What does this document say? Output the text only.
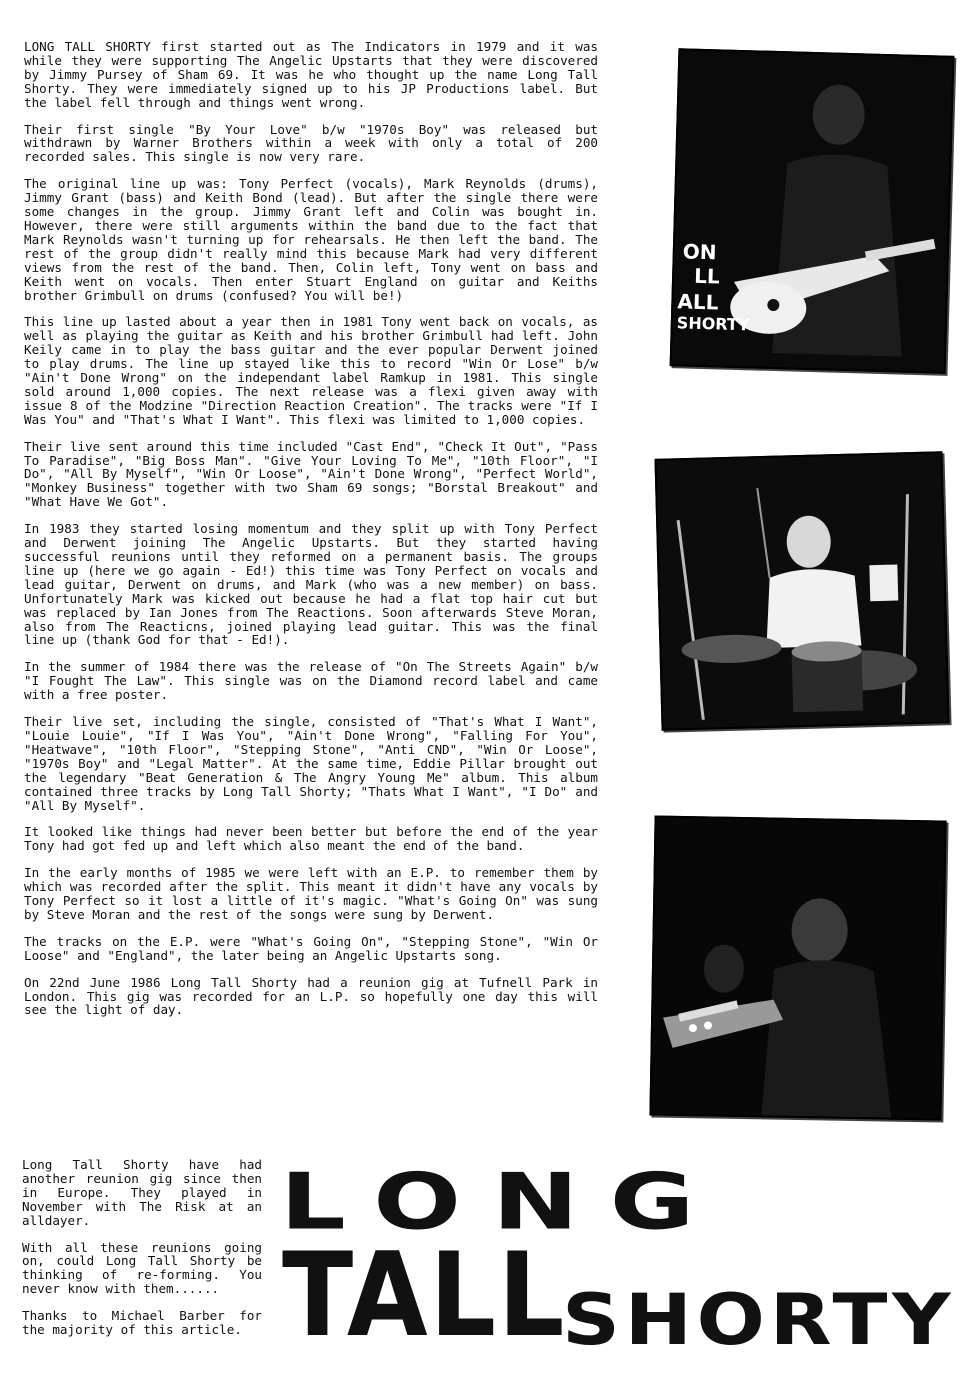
LONG TALL SHORTY first started out as The Indicators in 1979 and it was while they were supporting The Angelic Upstarts that they were discovered by Jimmy Pursey of Sham 69. It was he who thought up the name Long Tall Shorty. They were immediately signed up to his JP Productions label. But the label fell through and things went wrong.

Their first single "By Your Love" b/w "1970s Boy" was released but withdrawn by Warner Brothers within a week with only a total of 200 recorded sales. This single is now very rare.

The original line up was: Tony Perfect (vocals), Mark Reynolds (drums), Jimmy Grant (bass) and Keith Bond (lead). But after the single there were some changes in the group. Jimmy Grant left and Colin was bought in. However, there were still arguments within the band due to the fact that Mark Reynolds wasn't turning up for rehearsals. He then left the band. The rest of the group didn't really mind this because Mark had very different views from the rest of the band. Then, Colin left, Tony went on bass and Keith went on vocals. Then enter Stuart England on guitar and Keiths brother Grimbull on drums (confused? You will be!)

This line up lasted about a year then in 1981 Tony went back on vocals, as well as playing the guitar as Keith and his brother Grimbull had left. John Keily came in to play the bass guitar and the ever popular Derwent joined to play drums. The line up stayed like this to record "Win Or Lose" b/w "Ain't Done Wrong" on the independant label Ramkup in 1981. This single sold around 1,000 copies. The next release was a flexi given away with issue 8 of the Modzine "Direction Reaction Creation". The tracks were "If I Was You" and "That's What I Want". This flexi was limited to 1,000 copies.

Their live sent around this time included "Cast End", "Check It Out", "Pass To Paradise", "Big Boss Man". "Give Your Loving To Me", "10th Floor", "I Do", "All By Myself", "Win Or Loose", "Ain't Done Wrong", "Perfect World", "Monkey Business" together with two Sham 69 songs; "Borstal Breakout" and "What Have We Got".

In 1983 they started losing momentum and they split up with Tony Perfect and Derwent joining The Angelic Upstarts. But they started having successful reunions until they reformed on a permanent basis. The groups line up (here we go again - Ed!) this time was Tony Perfect on vocals and lead guitar, Derwent on drums, and Mark (who was a new member) on bass. Unfortunately Mark was kicked out because he had a flat top hair cut but was replaced by Ian Jones from The Reactions. Soon afterwards Steve Moran, also from The Reacticns, joined playing lead guitar. This was the final line up (thank God for that - Ed!).

In the summer of 1984 there was the release of "On The Streets Again" b/w "I Fought The Law". This single was on the Diamond record label and came with a free poster.

Their live set, including the single, consisted of "That's What I Want", "Louie Louie", "If I Was You", "Ain't Done Wrong", "Falling For You", "Heatwave", "10th Floor", "Stepping Stone", "Anti CND", "Win Or Loose", "1970s Boy" and "Legal Matter". At the same time, Eddie Pillar brought out the legendary "Beat Generation & The Angry Young Me" album. This album contained three tracks by Long Tall Shorty; "Thats What I Want", "I Do" and "All By Myself".

It looked like things had never been better but before the end of the year Tony had got fed up and left which also meant the end of the band.

In the early months of 1985 we were left with an E.P. to remember them by which was recorded after the split. This meant it didn't have any vocals by Tony Perfect so it lost a little of it's magic. "What's Going On" was sung by Steve Moran and the rest of the songs were sung by Derwent.

The tracks on the E.P. were "What's Going On", "Stepping Stone", "Win Or Loose" and "England", the later being an Angelic Upstarts song.

On 22nd June 1986 Long Tall Shorty had a reunion gig at Tufnell Park in London. This gig was recorded for an L.P. so hopefully one day this will see the light of day.

Long Tall Shorty have had another reunion gig since then in Europe. They played in November with The Risk at an alldayer.

With all these reunions going on, could Long Tall Shorty be thinking of re-forming. You never know with them......

Thanks to Michael Barber for the majority of this article.

ON
LL
ALL
SHORTY
LONG
TALL
SHORTY
